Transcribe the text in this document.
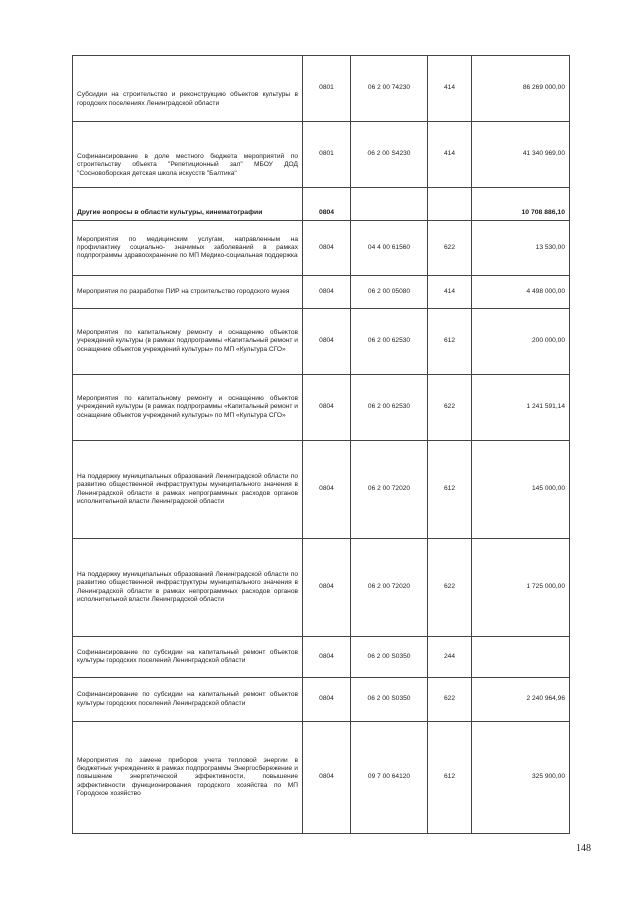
Субсидии на строительство и реконструкцию объектов культуры в городских поселениях Ленинградской области	0801	06 2 00 74230	414	86 269 000,00
Софинансирование в доле местного бюджета мероприятий по строительству объекта "Репетиционный зал" МБОУ ДОД "Сосновоборская детская школа искусств "Балтика"	0801	06 2 00 S4230	414	41 340 969,00
Другие вопросы в области культуры, кинематографии	0804			10 708 886,10
Мероприятия по медицинским услугам, направленным на профилактику социально- значимых заболеваний в рамках подпрограммы здравоохранение по МП Медико-социальная поддержка	0804	04 4 00 61560	622	13 530,00
Мероприятия по разработке ПИР на строительство городского музея	0804	06 2 00 05080	414	4 498 000,00
Мероприятия по капитальному ремонту и оснащению объектов учреждений культуры (в рамках подпрограммы «Капитальный ремонт и оснащение объектов учреждений культуры» по МП «Культура СГО»	0804	06 2 00 62530	612	200 000,00
Мероприятия по капитальному ремонту и оснащению объектов учреждений культуры (в рамках подпрограммы «Капитальный ремонт и оснащение объектов учреждений культуры» по МП «Культура СГО»	0804	06 2 00 62530	622	1 241 591,14
На поддержку муниципальных образований Ленинградской области по развитию общественной инфраструктуры муниципального значения в Ленинградской области в рамках непрограммных расходов органов исполнительной власти Ленинградской области	0804	06 2 00 72020	612	145 000,00
На поддержку муниципальных образований Ленинградской области по развитию общественной инфраструктуры муниципального значения в Ленинградской области в рамках непрограммных расходов органов исполнительной власти Ленинградской области	0804	06 2 00 72020	622	1 725 000,00
Софинансирование по субсидии на капитальный ремонт объектов культуры городских поселений Ленинградской области	0804	06 2 00 S0350	244	
Софинансирование по субсидии на капитальный ремонт объектов культуры городских поселений Ленинградской области	0804	06 2 00 S0350	622	2 240 964,96
Мероприятия по замене приборов учета тепловой энергии в бюджетных учреждениях в рамках подпрограммы Энергосбережение и повышение энергетической эффективности, повышение эффективности функционирования городского хозяйства по МП Городское хозяйство	0804	09 7 00 64120	612	325 900,00
148
